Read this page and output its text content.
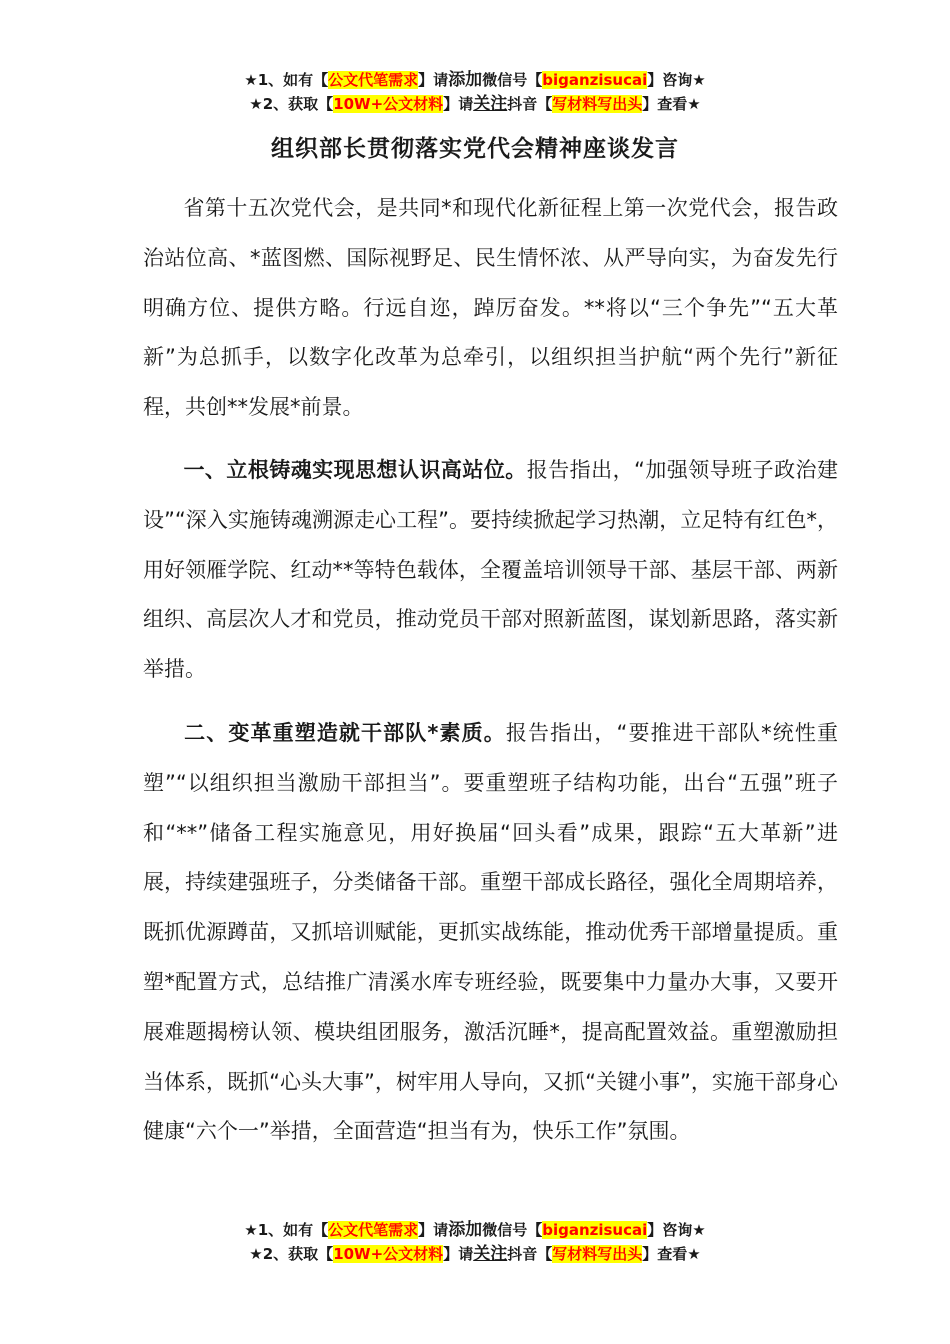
★1、如有【公文代笔需求】请添加微信号【biganzisucai】咨询★
★2、获取【10W+公文材料】请关注抖音【写材料写出头】查看★
组织部长贯彻落实党代会精神座谈发言

省第十五次党代会，是共同*和现代化新征程上第一次党代会，报告政治站位高、*蓝图燃、国际视野足、民生情怀浓、从严导向实，为奋发先行明确方位、提供方略。行远自迩，踔厉奋发。**将以“三个争先”“五大革新”为总抓手，以数字化改革为总牵引，以组织担当护航“两个先行”新征程，共创**发展*前景。

一、立根铸魂实现思想认识高站位。报告指出，“加强领导班子政治建设”“深入实施铸魂溯源走心工程”。要持续掀起学习热潮，立足特有红色*，用好领雁学院、红动**等特色载体，全覆盖培训领导干部、基层干部、两新组织、高层次人才和党员，推动党员干部对照新蓝图，谋划新思路，落实新举措。

二、变革重塑造就干部队*素质。报告指出，“要推进干部队*统性重塑”“以组织担当激励干部担当”。要重塑班子结构功能，出台“五强”班子和“**”储备工程实施意见，用好换届“回头看”成果，跟踪“五大革新”进展，持续建强班子，分类储备干部。重塑干部成长路径，强化全周期培养，既抓优源蹲苗，又抓培训赋能，更抓实战练能，推动优秀干部增量提质。重塑*配置方式，总结推广清溪水库专班经验，既要集中力量办大事，又要开展难题揭榜认领、模块组团服务，激活沉睡*，提高配置效益。重塑激励担当体系，既抓“心头大事”，树牢用人导向，又抓“关键小事”，实施干部身心健康“六个一”举措，全面营造“担当有为，快乐工作”氛围。

★1、如有【公文代笔需求】请添加微信号【biganzisucai】咨询★
★2、获取【10W+公文材料】请关注抖音【写材料写出头】查看★
